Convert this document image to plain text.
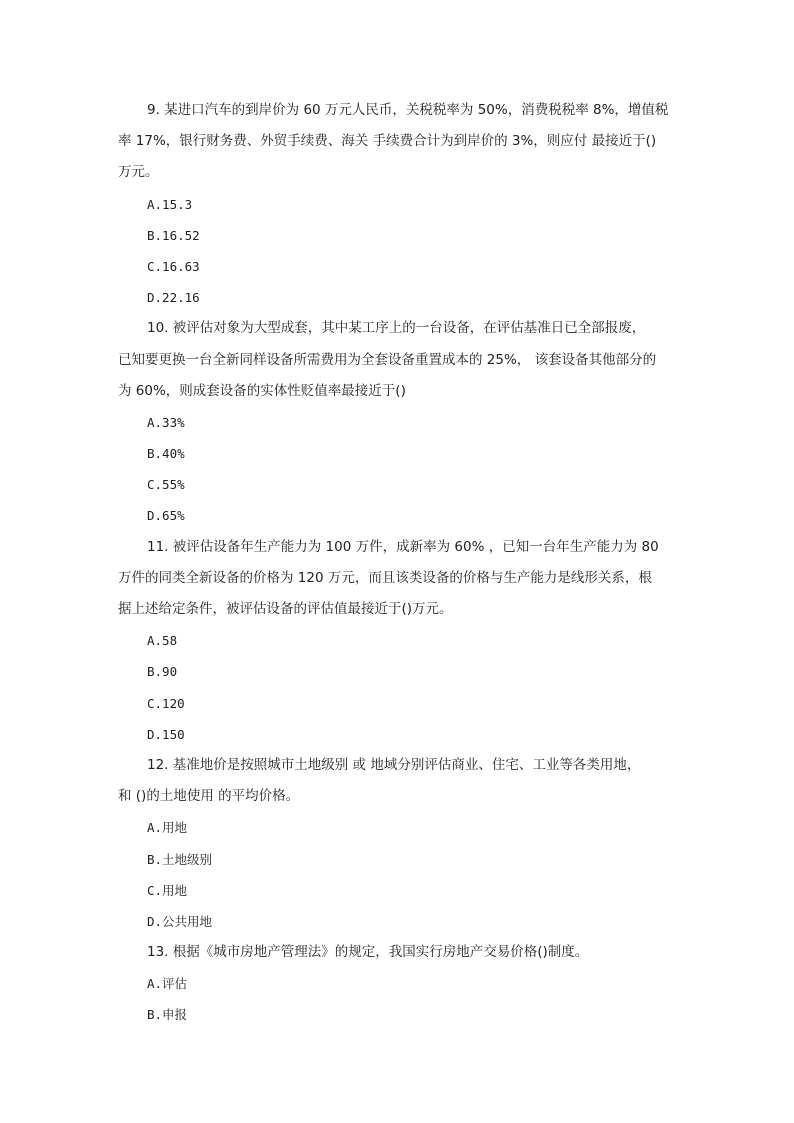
9. 某进口汽车的到岸价为 60 万元人民币，关税税率为 50%，消费税税率 8%，增值税
率 17%，银行财务费、外贸手续费、海关 手续费合计为到岸价的 3%，则应付 最接近于()
万元。
A.15.3
B.16.52
C.16.63
D.22.16
10. 被评估对象为大型成套，其中某工序上的一台设备，在评估基准日已全部报废，
已知要更换一台全新同样设备所需费用为全套设备重置成本的 25%， 该套设备其他部分的
为 60%，则成套设备的实体性贬值率最接近于()
A.33%
B.40%
C.55%
D.65%
11. 被评估设备年生产能力为 100 万件，成新率为 60% ，已知一台年生产能力为 80
万件的同类全新设备的价格为 120 万元，而且该类设备的价格与生产能力是线形关系，根
据上述给定条件，被评估设备的评估值最接近于()万元。
A.58
B.90
C.120
D.150
12. 基准地价是按照城市土地级别 或 地域分别评估商业、住宅、工业等各类用地，
和 ()的土地使用 的平均价格。
A.用地
B.土地级别
C.用地
D.公共用地
13. 根据《城市房地产管理法》的规定，我国实行房地产交易价格()制度。
A.评估
B.申报
